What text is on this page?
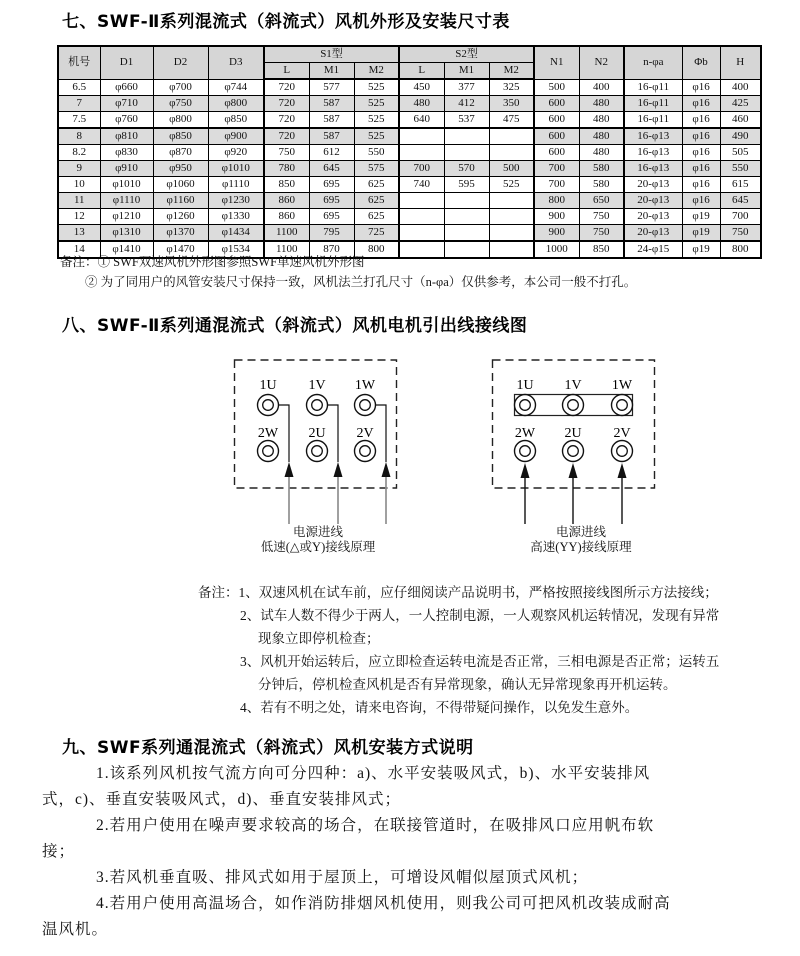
七、SWF-Ⅱ系列混流式（斜流式）风机外形及安装尺寸表
机号	D1	D2	D3	S1型			S2型			N1	N2	n-φa	Φb	H
				L	M1	M2	L	M1	M2					
6.5	φ660	φ700	φ744	720	577	525	450	377	325	500	400	16-φ11	φ16	400
7	φ710	φ750	φ800	720	587	525	480	412	350	600	480	16-φ11	φ16	425
7.5	φ760	φ800	φ850	720	587	525	640	537	475	600	480	16-φ11	φ16	460
8	φ810	φ850	φ900	720	587	525				600	480	16-φ13	φ16	490
8.2	φ830	φ870	φ920	750	612	550				600	480	16-φ13	φ16	505
9	φ910	φ950	φ1010	780	645	575	700	570	500	700	580	16-φ13	φ16	550
10	φ1010	φ1060	φ1110	850	695	625	740	595	525	700	580	20-φ13	φ16	615
11	φ1110	φ1160	φ1230	860	695	625				800	650	20-φ13	φ16	645
12	φ1210	φ1260	φ1330	860	695	625				900	750	20-φ13	φ19	700
13	φ1310	φ1370	φ1434	1100	795	725				900	750	20-φ13	φ19	750
14	φ1410	φ1470	φ1534	1100	870	800				1000	850	24-φ15	φ19	800
备注：① SWF双速风机外形图参照SWF单速风机外形图
② 为了同用户的风管安装尺寸保持一致，风机法兰打孔尺寸（n-φa）仅供参考，本公司一般不打孔。
八、SWF-Ⅱ系列通混流式（斜流式）风机电机引出线接线图
1U
2W
1V
2U
1W
2V
1U
2W
1V
2U
1W
2V
电源进线
低速(△或Y)接线原理
电源进线
高速(YY)接线原理
备注：1、双速风机在试车前，应仔细阅读产品说明书，严格按照接线图所示方法接线；
2、试车人数不得少于两人，一人控制电源，一人观察风机运转情况，发现有异常
现象立即停机检查；
3、风机开始运转后，应立即检查运转电流是否正常，三相电源是否正常；运转五
分钟后，停机检查风机是否有异常现象，确认无异常现象再开机运转。
4、若有不明之处，请来电咨询，不得带疑问操作，以免发生意外。
九、SWF系列通混流式（斜流式）风机安装方式说明
1.该系列风机按气流方向可分四种：a)、水平安装吸风式，b)、水平安装排风
式，c)、垂直安装吸风式，d)、垂直安装排风式；
2.若用户使用在噪声要求较高的场合，在联接管道时，在吸排风口应用帆布软
接；
3.若风机垂直吸、排风式如用于屋顶上，可增设风帽似屋顶式风机；
4.若用户使用高温场合，如作消防排烟风机使用，则我公司可把风机改装成耐高
温风机。
